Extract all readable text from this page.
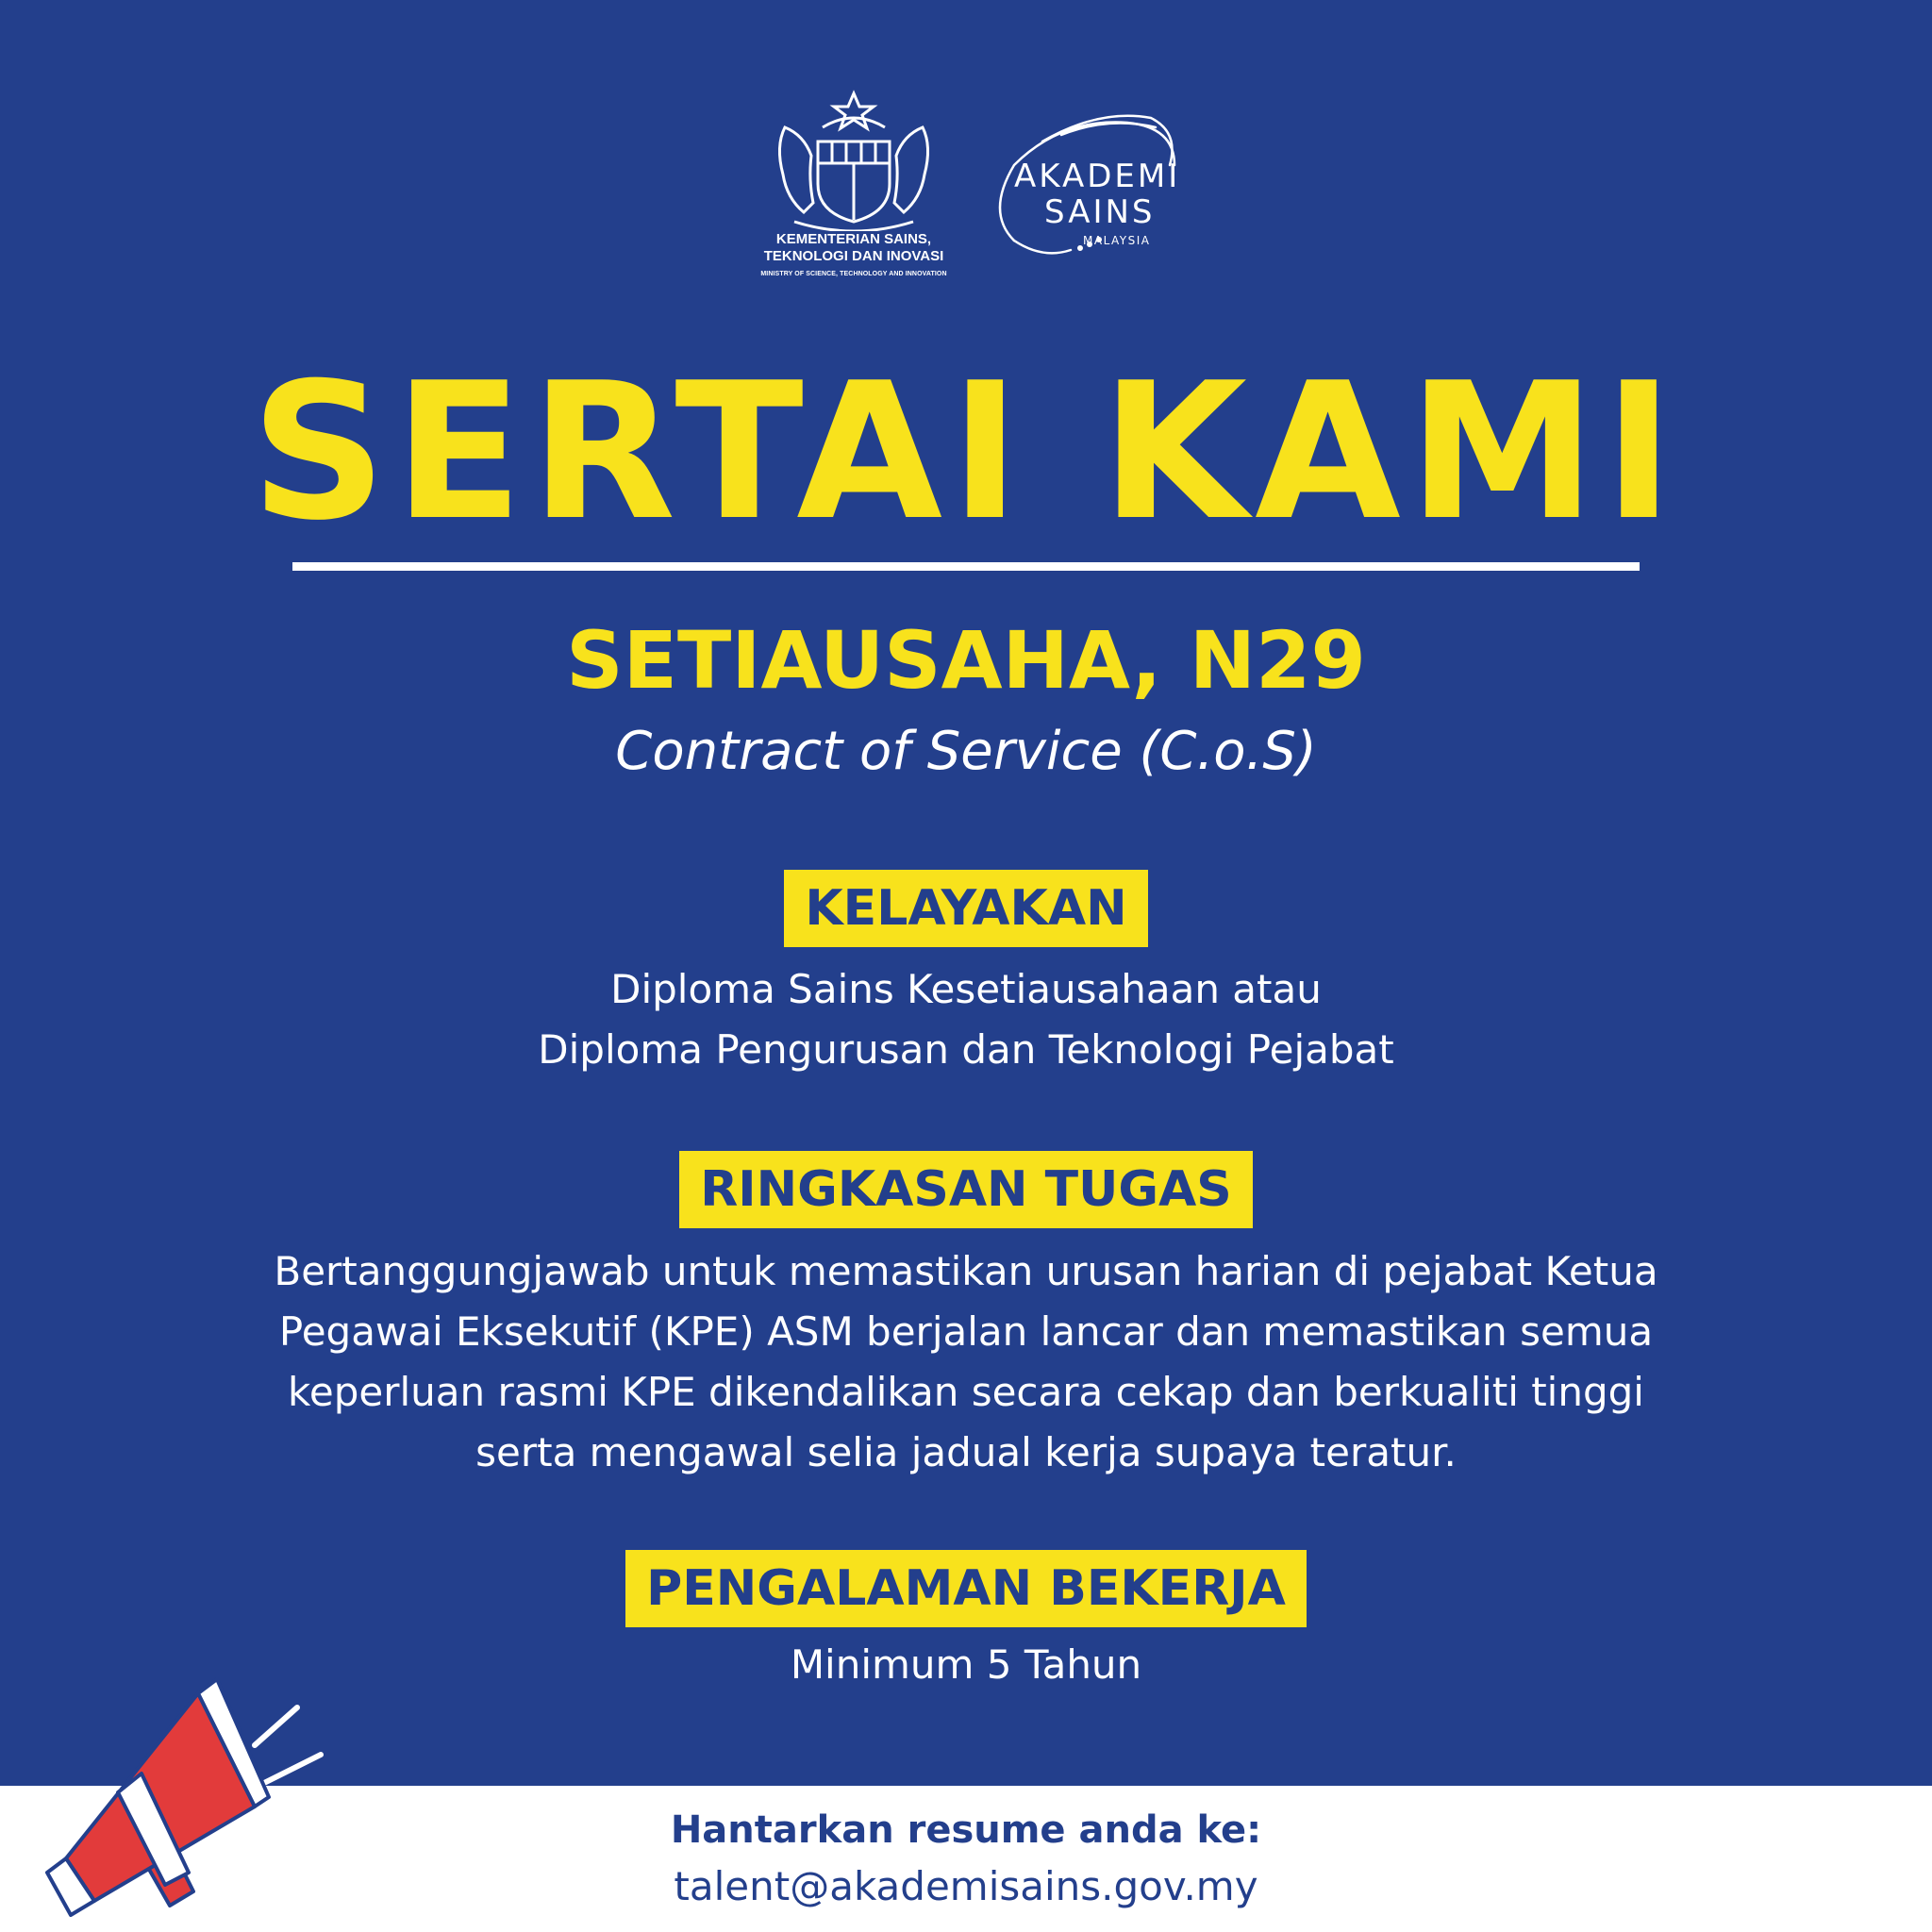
KEMENTERIAN SAINS,
TEKNOLOGI DAN INOVASI
MINISTRY OF SCIENCE, TECHNOLOGY AND INNOVATION
AKADEMI
SAINS
MALAYSIA
SERTAI KAMI
SETIAUSAHA, N29
Contract of Service (C.o.S)
KELAYAKAN
Diploma Sains Kesetiausahaan atau
Diploma Pengurusan dan Teknologi Pejabat
RINGKASAN TUGAS
Bertanggungjawab untuk memastikan urusan harian di pejabat Ketua
Pegawai Eksekutif (KPE) ASM berjalan lancar dan memastikan semua
keperluan rasmi KPE dikendalikan secara cekap dan berkualiti tinggi
serta mengawal selia jadual kerja supaya teratur.
PENGALAMAN BEKERJA
Minimum 5 Tahun
Hantarkan resume anda ke:
talent@akademisains.gov.my
